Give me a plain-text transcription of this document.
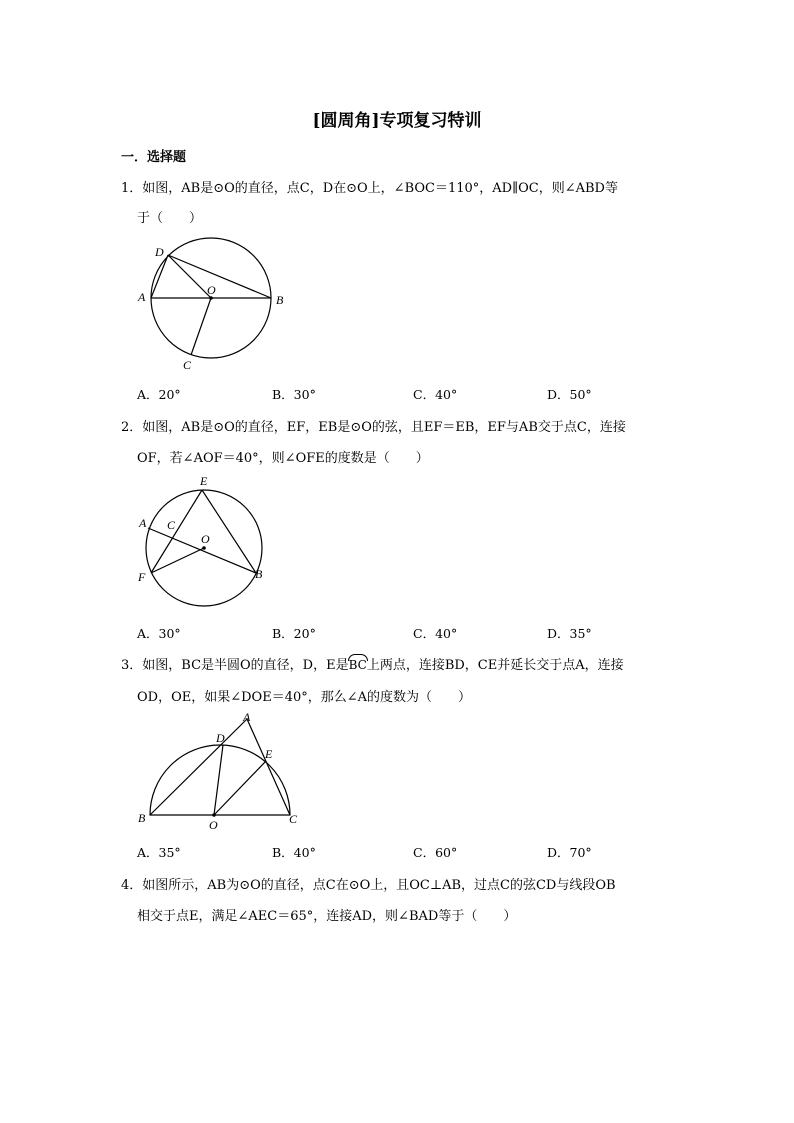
[圆周角]专项复习特训
一．选择题
1．如图，AB是⊙O的直径，点C，D在⊙O上，∠BOC＝110°，AD∥OC，则∠ABD等
于（　　）
D
A	O
B
C
A．20°	B．30°	C．40°	D．50°
2．如图，AB是⊙O的直径，EF，EB是⊙O的弦，且EF＝EB，EF与AB交于点C，连接
OF，若∠AOF＝40°，则∠OFE的度数是（　　）
E
A C
O
F	B
A．30°	B．20°	C．40°	D．35°
3．如图，BC是半圆O的直径，D，E是BC上两点，连接BD，CE并延长交于点A，连接
OD，OE，如果∠DOE＝40°，那么∠A的度数为（　　）
A
D
E
B	O	C
A．35°	B．40°	C．60°	D．70°
4．如图所示，AB为⊙O的直径，点C在⊙O上，且OC⊥AB，过点C的弦CD与线段OB
相交于点E，满足∠AEC＝65°，连接AD，则∠BAD等于（　　）
